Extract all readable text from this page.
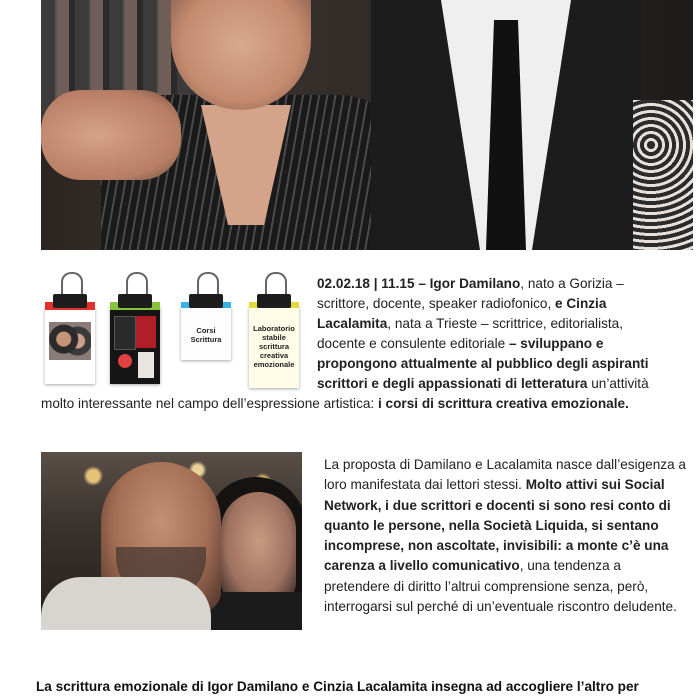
Corsi Scrittura
Laboratorio stabile scrittura creativa emozionale

02.02.18 | 11.15 – Igor Damilano, nato a Gorizia – scrittore, docente, speaker radiofonico, e Cinzia Lacalamita, nata a Trieste – scrittrice, editorialista, docente e consulente editoriale – sviluppano e propongono attualmente al pubblico degli aspiranti scrittori e degli appassionati di letteratura un’attività molto interessante nel campo dell’espressione artistica: i corsi di scrittura creativa emozionale.

La proposta di Damilano e Lacalamita nasce dall’esigenza a loro manifestata dai lettori stessi. Molto attivi sui Social Network, i due scrittori e docenti si sono resi conto di quanto le persone, nella Società Liquida, si sentano incomprese, non ascoltate, invisibili: a monte c’è una carenza a livello comunicativo, una tendenza a pretendere di diritto l’altrui comprensione senza, però, interrogarsi sul perché di un’eventuale riscontro deludente.

La scrittura emozionale di Igor Damilano e Cinzia Lacalamita insegna ad accogliere l’altro per
